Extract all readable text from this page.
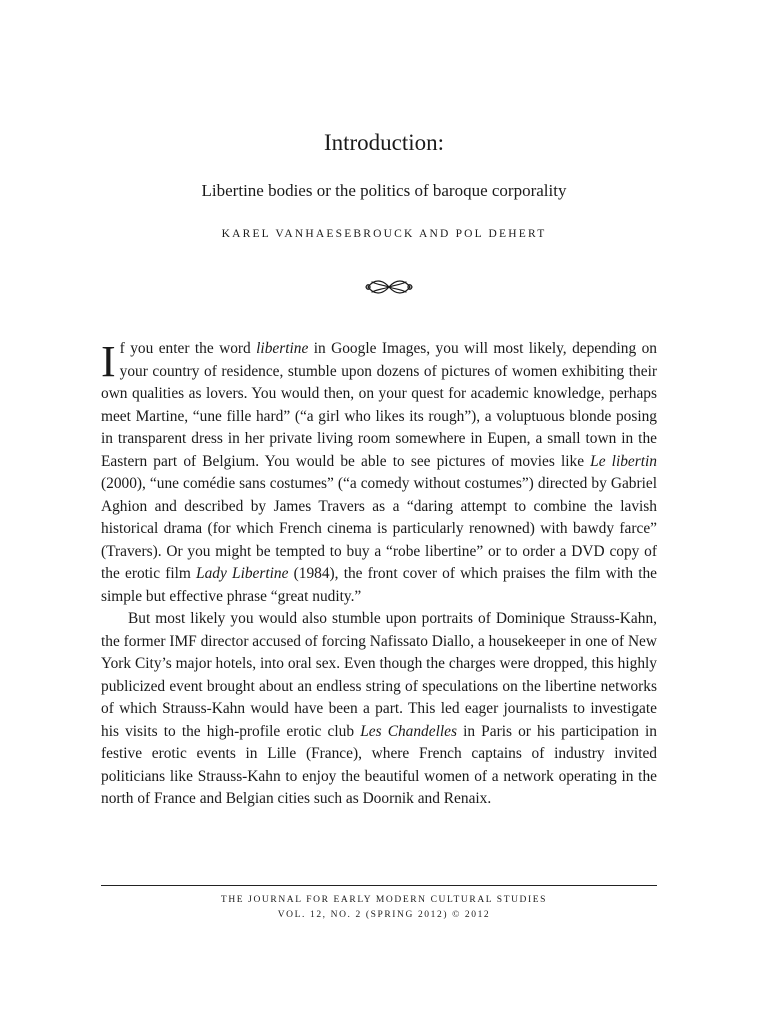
Introduction:
Libertine bodies or the politics of baroque corporality
KAREL VANHAESEBROUCK AND POL DEHERT

If you enter the word libertine in Google Images, you will most likely, depending on your country of residence, stumble upon dozens of pictures of women exhibiting their own qualities as lovers. You would then, on your quest for academic knowledge, perhaps meet Martine, “une fille hard” (“a girl who likes its rough”), a voluptuous blonde posing in transparent dress in her private living room somewhere in Eupen, a small town in the Eastern part of Belgium. You would be able to see pictures of movies like Le libertin (2000), “une comédie sans costumes” (“a comedy without costumes”) directed by Gabriel Aghion and described by James Travers as a “daring attempt to combine the lavish historical drama (for which French cinema is particularly renowned) with bawdy farce” (Travers). Or you might be tempted to buy a “robe libertine” or to order a DVD copy of the erotic film Lady Libertine (1984), the front cover of which praises the film with the simple but effective phrase “great nudity.”

But most likely you would also stumble upon portraits of Dominique Strauss-Kahn, the former IMF director accused of forcing Nafissato Diallo, a housekeeper in one of New York City’s major hotels, into oral sex. Even though the charges were dropped, this highly publicized event brought about an endless string of speculations on the libertine networks of which Strauss-Kahn would have been a part. This led eager journalists to investigate his visits to the high-profile erotic club Les Chandelles in Paris or his participation in festive erotic events in Lille (France), where French captains of industry invited politicians like Strauss-Kahn to enjoy the beautiful women of a network operating in the north of France and Belgian cities such as Doornik and Renaix.

THE JOURNAL FOR EARLY MODERN CULTURAL STUDIES
VOL. 12, NO. 2 (SPRING 2012) © 2012
